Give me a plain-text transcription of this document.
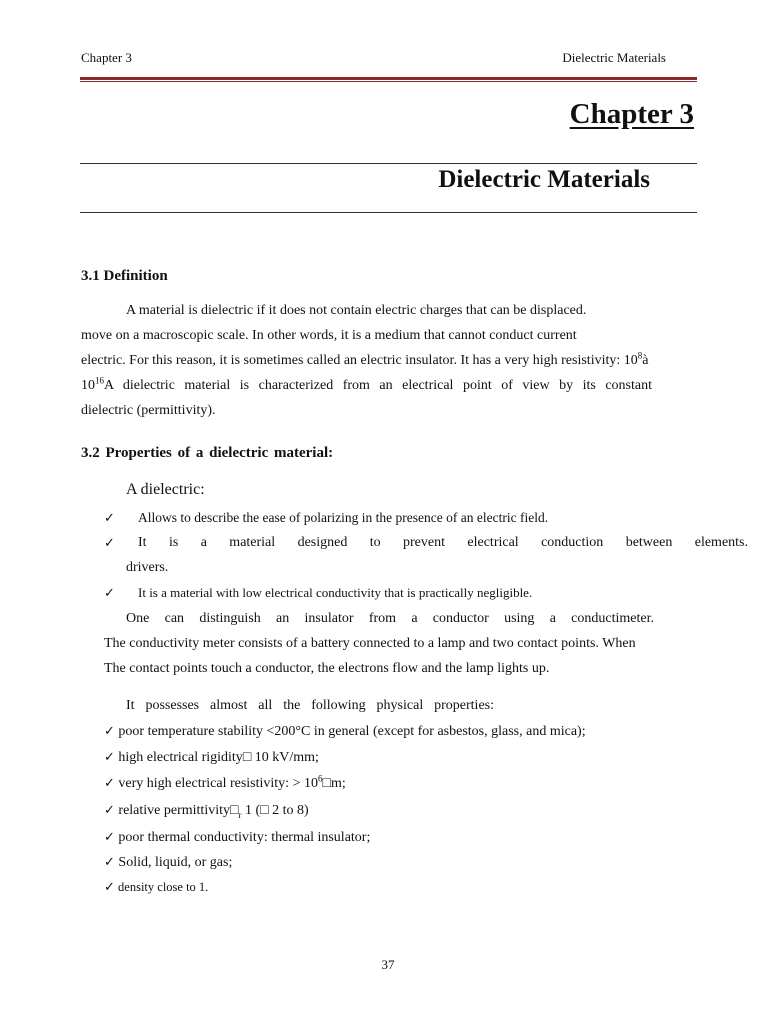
Chapter 3	Dielectric Materials
Chapter 3
Dielectric Materials
3.1 Definition
A material is dielectric if it does not contain electric charges that can be displaced.
move on a macroscopic scale. In other words, it is a medium that cannot conduct current
electric. For this reason, it is sometimes called an electric insulator. It has a very high resistivity: $10^8à$
$10^{16}A$ dielectric material is characterized from an electrical point of view by its constant
dielectric (permittivity).
3.2 Properties of a dielectric material:
A dielectric:
✓ Allows to describe the ease of polarizing in the presence of an electric field.
✓ It is a material designed to prevent electrical conduction between elements.
drivers.
✓ It is a material with low electrical conductivity that is practically negligible.
One can distinguish an insulator from a conductor using a conductimeter.
The conductivity meter consists of a battery connected to a lamp and two contact points. When
The contact points touch a conductor, the electrons flow and the lamp lights up.
It possesses almost all the following physical properties:
✓ poor temperature stability <200°C in general (except for asbestos, glass, and mica);
✓ high electrical rigidity□ 10 kV/mm;
✓ very high electrical resistivity: > $10^6□m$;
✓ relative $permittivity□_r$ 1 (□ 2 to 8)
✓ poor thermal conductivity: thermal insulator;
✓ Solid, liquid, or gas;
✓ density close to 1.
37
